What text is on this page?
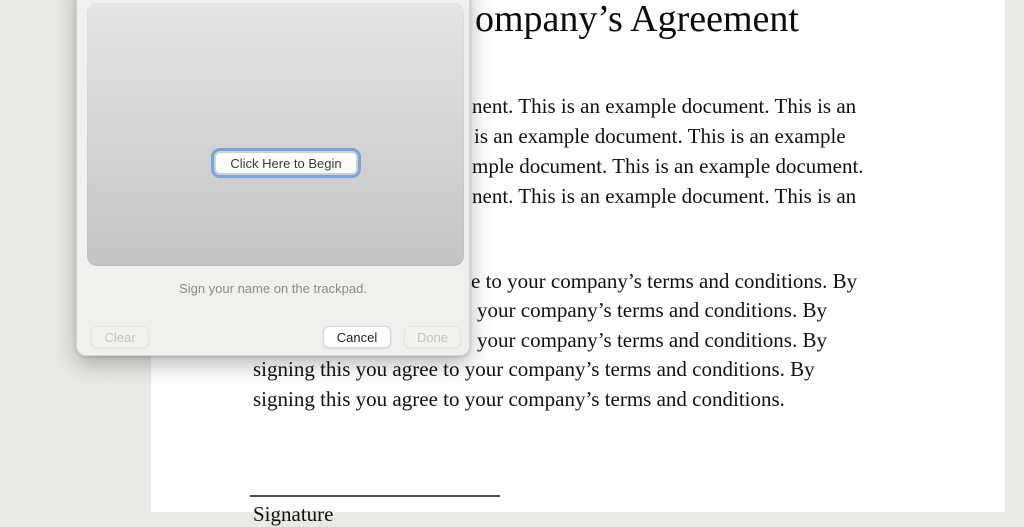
ompany’s Agreement
nent. This is an example document. This is an
is an example document. This is an example
mple document. This is an example document.
nent. This is an example document. This is an
e to your company’s terms and conditions. By
your company’s terms and conditions. By
your company’s terms and conditions. By
signing this you agree to your company’s terms and conditions. By
signing this you agree to your company’s terms and conditions.
Signature
Click Here to Begin
Sign your name on the trackpad.
Clear	Cancel	Done
